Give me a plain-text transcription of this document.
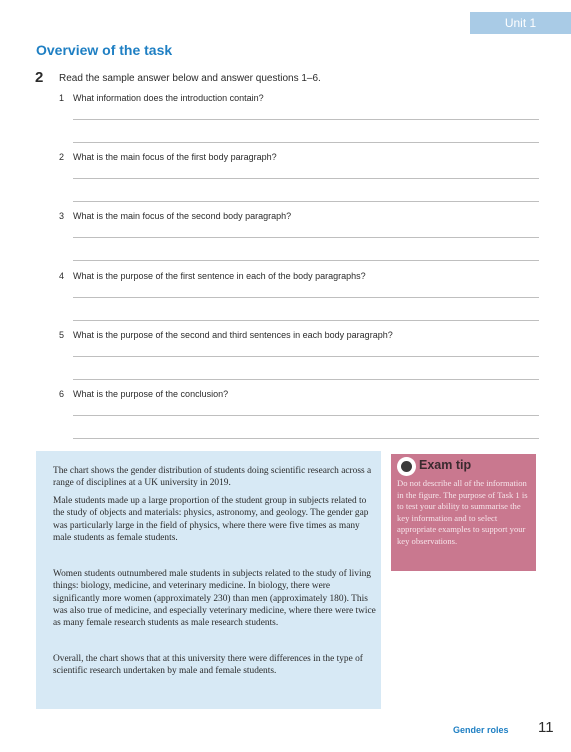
Unit 1
Overview of the task
2 Read the sample answer below and answer questions 1–6.
1 What information does the introduction contain?
2 What is the main focus of the first body paragraph?
3 What is the main focus of the second body paragraph?
4 What is the purpose of the first sentence in each of the body paragraphs?
5 What is the purpose of the second and third sentences in each body paragraph?
6 What is the purpose of the conclusion?

The chart shows the gender distribution of students doing scientific research across a range of disciplines at a UK university in 2019.

Male students made up a large proportion of the student group in subjects related to the study of objects and materials: physics, astronomy, and geology. The gender gap was particularly large in the field of physics, where there were five times as many male students as female students.

Women students outnumbered male students in subjects related to the study of living things: biology, medicine, and veterinary medicine. In biology, there were significantly more women (approximately 230) than men (approximately 180). This was also true of medicine, and especially veterinary medicine, where there were twice as many female research students as male research students.

Overall, the chart shows that at this university there were differences in the type of scientific research undertaken by male and female students.

Exam tip
Do not describe all of the information in the figure. The purpose of Task 1 is to test your ability to summarise the key information and to select appropriate examples to support your key observations.
Gender roles 11
